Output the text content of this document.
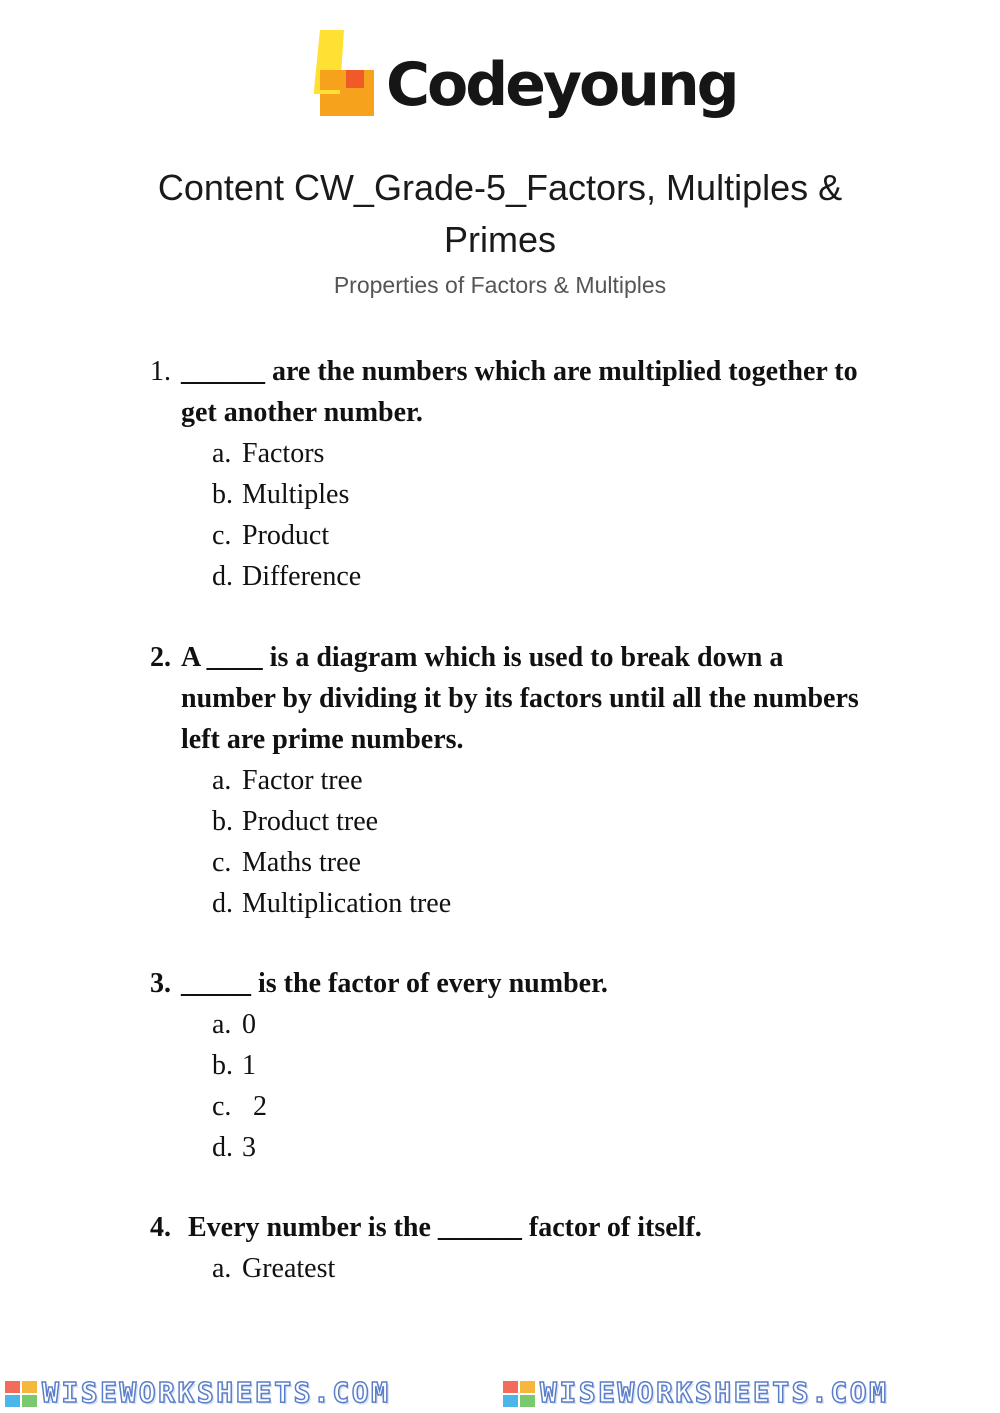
Codeyoung
Content CW_Grade-5_Factors, Multiples & Primes

Properties of Factors & Multiples

1. ______ are the numbers which are multiplied together to get another number.

a. Factors
b. Multiples
c. Product
d. Difference

2. A ____ is a diagram which is used to break down a number by dividing it by its factors until all the numbers left are prime numbers.

a. Factor tree
b. Product tree
c. Maths tree
d. Multiplication tree

3. _____ is the factor of every number.

a. 0
b. 1
c. 2
d. 3

4. Every number is the ______ factor of itself.

a. Greatest
WISEWORKSHEETS.COM	WISEWORKSHEETS.COM
